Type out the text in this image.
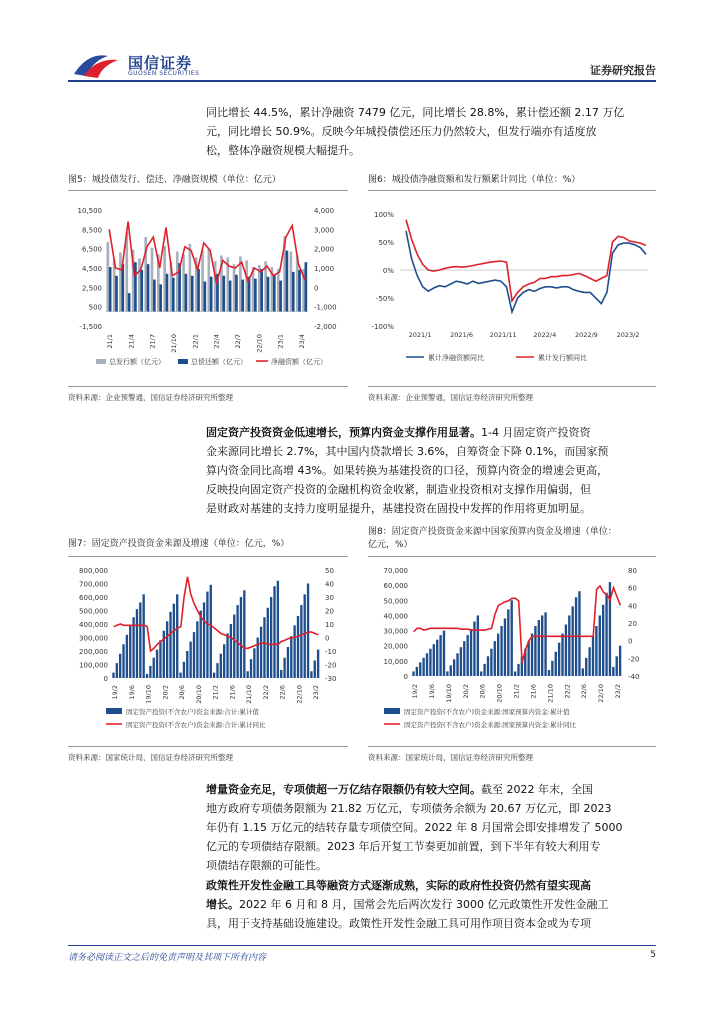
国信证券
GUOSEN SECURITIES	证券研究报告
同比增长 44.5%，累计净融资 7479 亿元，同比增长 28.8%，累计偿还额 2.17 万亿
元，同比增长 50.9%。反映今年城投债偿还压力仍然较大，但发行端亦有适度放
松，整体净融资规模大幅提升。
图5：城投债发行、偿还、净融资规模（单位：亿元）
10,500
8,500
6,500
4,500
2,500
500
-1,500
4,000
3,000
2,000
1,000
0
-1,000
-2,000
21/1 21/4 21/7 21/10 22/1 22/4 22/7 22/10 23/1 23/4
总发行额（亿元）	总偿还额（亿元）	净融资额（亿元）
资料来源：企业预警通，国信证券经济研究所整理
图6：城投债净融资额和发行额累计同比（单位：%）
100%
50%
0%
-50%
-100%
2021/1	2021/6	2021/11	2022/4	2022/9	2023/2
累计净融资额同比	累计发行额同比
资料来源：企业预警通，国信证券经济研究所整理
固定资产投资资金低速增长，预算内资金支撑作用显著。1-4 月固定资产投资资
金来源同比增长 2.7%，其中国内贷款增长 3.6%，自筹资金下降 0.1%，而国家预
算内资金同比高增 43%。如果转换为基建投资的口径，预算内资金的增速会更高，
反映投向固定资产投资的金融机构资金收紧，制造业投资相对支撑作用偏弱，但
是财政对基建的支持力度明显提升，基建投资在固投中发挥的作用将更加明显。
图7：固定资产投资资金来源及增速（单位：亿元，%）
800,000
700,000
600,000
500,000
400,000
300,000
200,000
100,000
0
50
40
30
20
10
0
-10
-20
-30
19/2 19/6 19/10 20/2 20/6 20/10 21/2 21/6 21/10 22/2 22/6 22/10 23/2
固定资产投资(不含农户)资金来源:合计:累计值
固定资产投资(不含农户)资金来源:合计:累计同比
资料来源：国家统计局，国信证券经济研究所整理
图8：固定资产投资资金来源中国家预算内资金及增速（单位：
亿元，%）
70,000
60,000
50,000
40,000
30,000
20,000
10,000
0
80
60
40
20
0
-20
-40
19/2 19/6 19/10 20/2 20/6 20/10 21/2 21/6 21/10 22/2 22/6 22/10 23/2
固定资产投资(不含农户)资金来源:国家预算内资金:累计值
固定资产投资(不含农户)资金来源:国家预算内资金:累计同比
资料来源：国家统计局，国信证券经济研究所整理
增量资金充足，专项债超一万亿结存限额仍有较大空间。截至 2022 年末，全国
地方政府专项债务限额为 21.82 万亿元，专项债务余额为 20.67 万亿元，即 2023
年仍有 1.15 万亿元的结转存量专项债空间。2022 年 8 月国常会即安排增发了 5000
亿元的专项债结存限额。2023 年后开复工节奏更加前置，到下半年有较大利用专
项债结存限额的可能性。
政策性开发性金融工具等融资方式逐渐成熟，实际的政府性投资仍然有望实现高
增长。2022 年 6 月和 8 月，国常会先后两次发行 3000 亿元政策性开发性金融工
具，用于支持基础设施建设。政策性开发性金融工具可用作项目资本金或为专项
请务必阅读正文之后的免责声明及其项下所有内容	5
